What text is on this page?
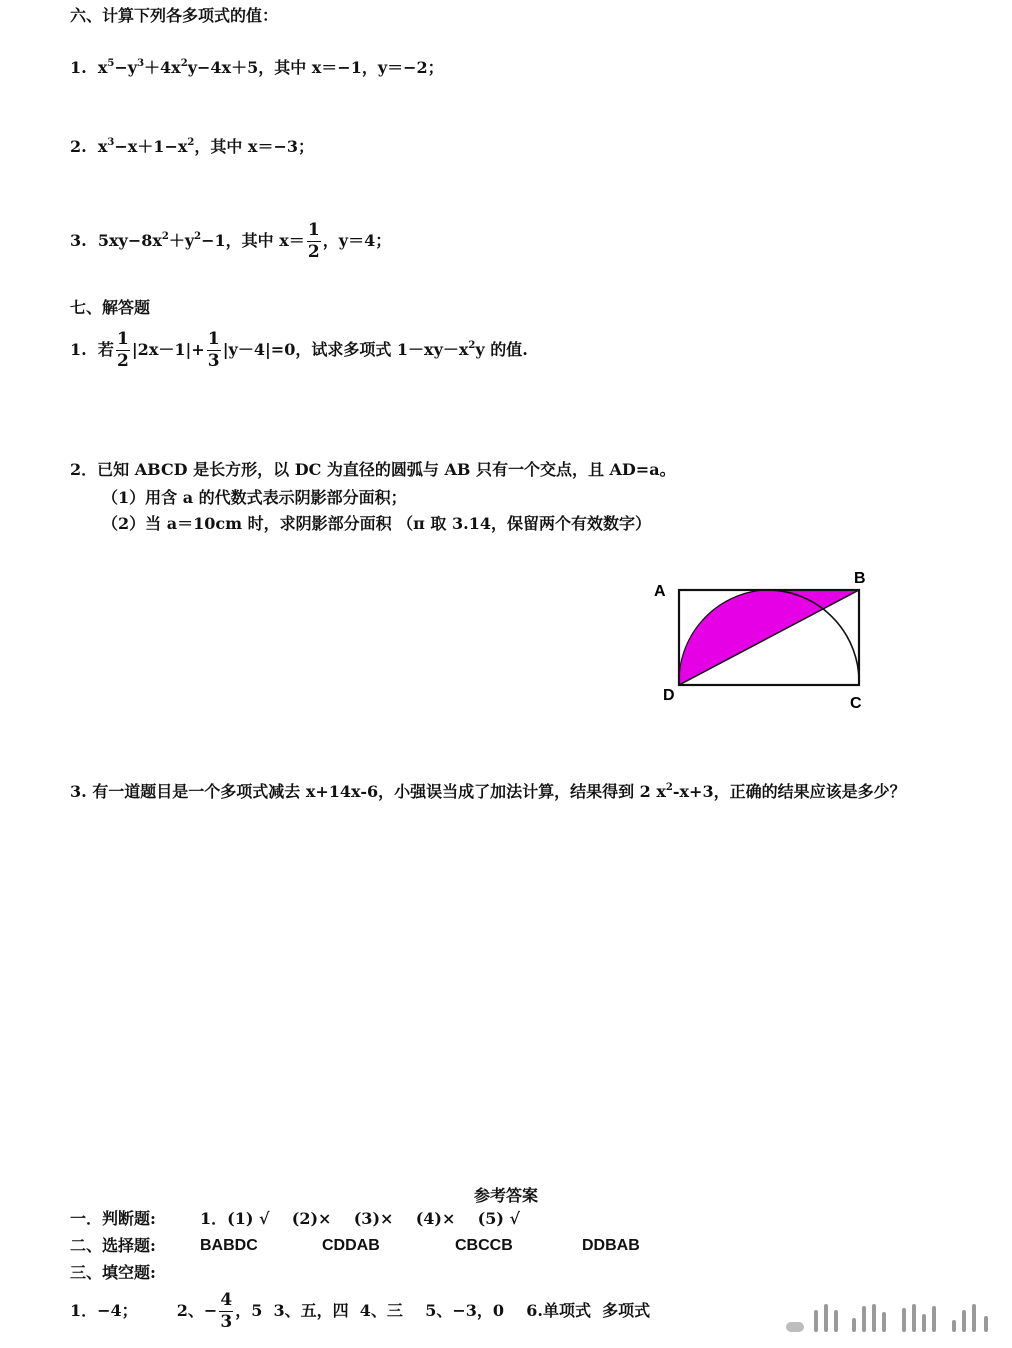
六、计算下列各多项式的值：
1. $x^5-y^3+4x^2y-4x+5$，其中 x＝−1，y＝−2；
2. $x^3-x+1-x^2$，其中 x＝−3；
3. $5xy-8x^2+y^2-1$，其中 $x= \frac{1}{2}$ ，y＝4；
七、解答题
1. 若 $\frac{1}{2} |2x-1|+ \frac{1}{3} |y-4|=0$，试求多项式 $1-xy-x^2y$ 的值.
2．已知 ABCD 是长方形，以 DC 为直径的圆弧与 AB 只有一个交点，且 AD=a。
（1）用含 a 的代数式表示阴影部分面积；
（2）当 a＝10cm 时，求阴影部分面积 （π 取 3.14，保留两个有效数字）
A
B
C
D
3. 有一道题目是一个多项式减去 x+14x-6，小强误当成了加法计算，结果得到 2 $x^2-x+3$，正确的结果应该是多少？
参考答案
一．判断题:	1．(1) √    (2)×    (3)×    (4)×    (5) √
二、选择题:	BABDC	CDDAB	CBCCB	DDBAB
三、填空题:
1．−4； 2、− $\frac{4}{3}$ ，5  3、五，四  4、三    5、−3，0 6.单项式  多项式
